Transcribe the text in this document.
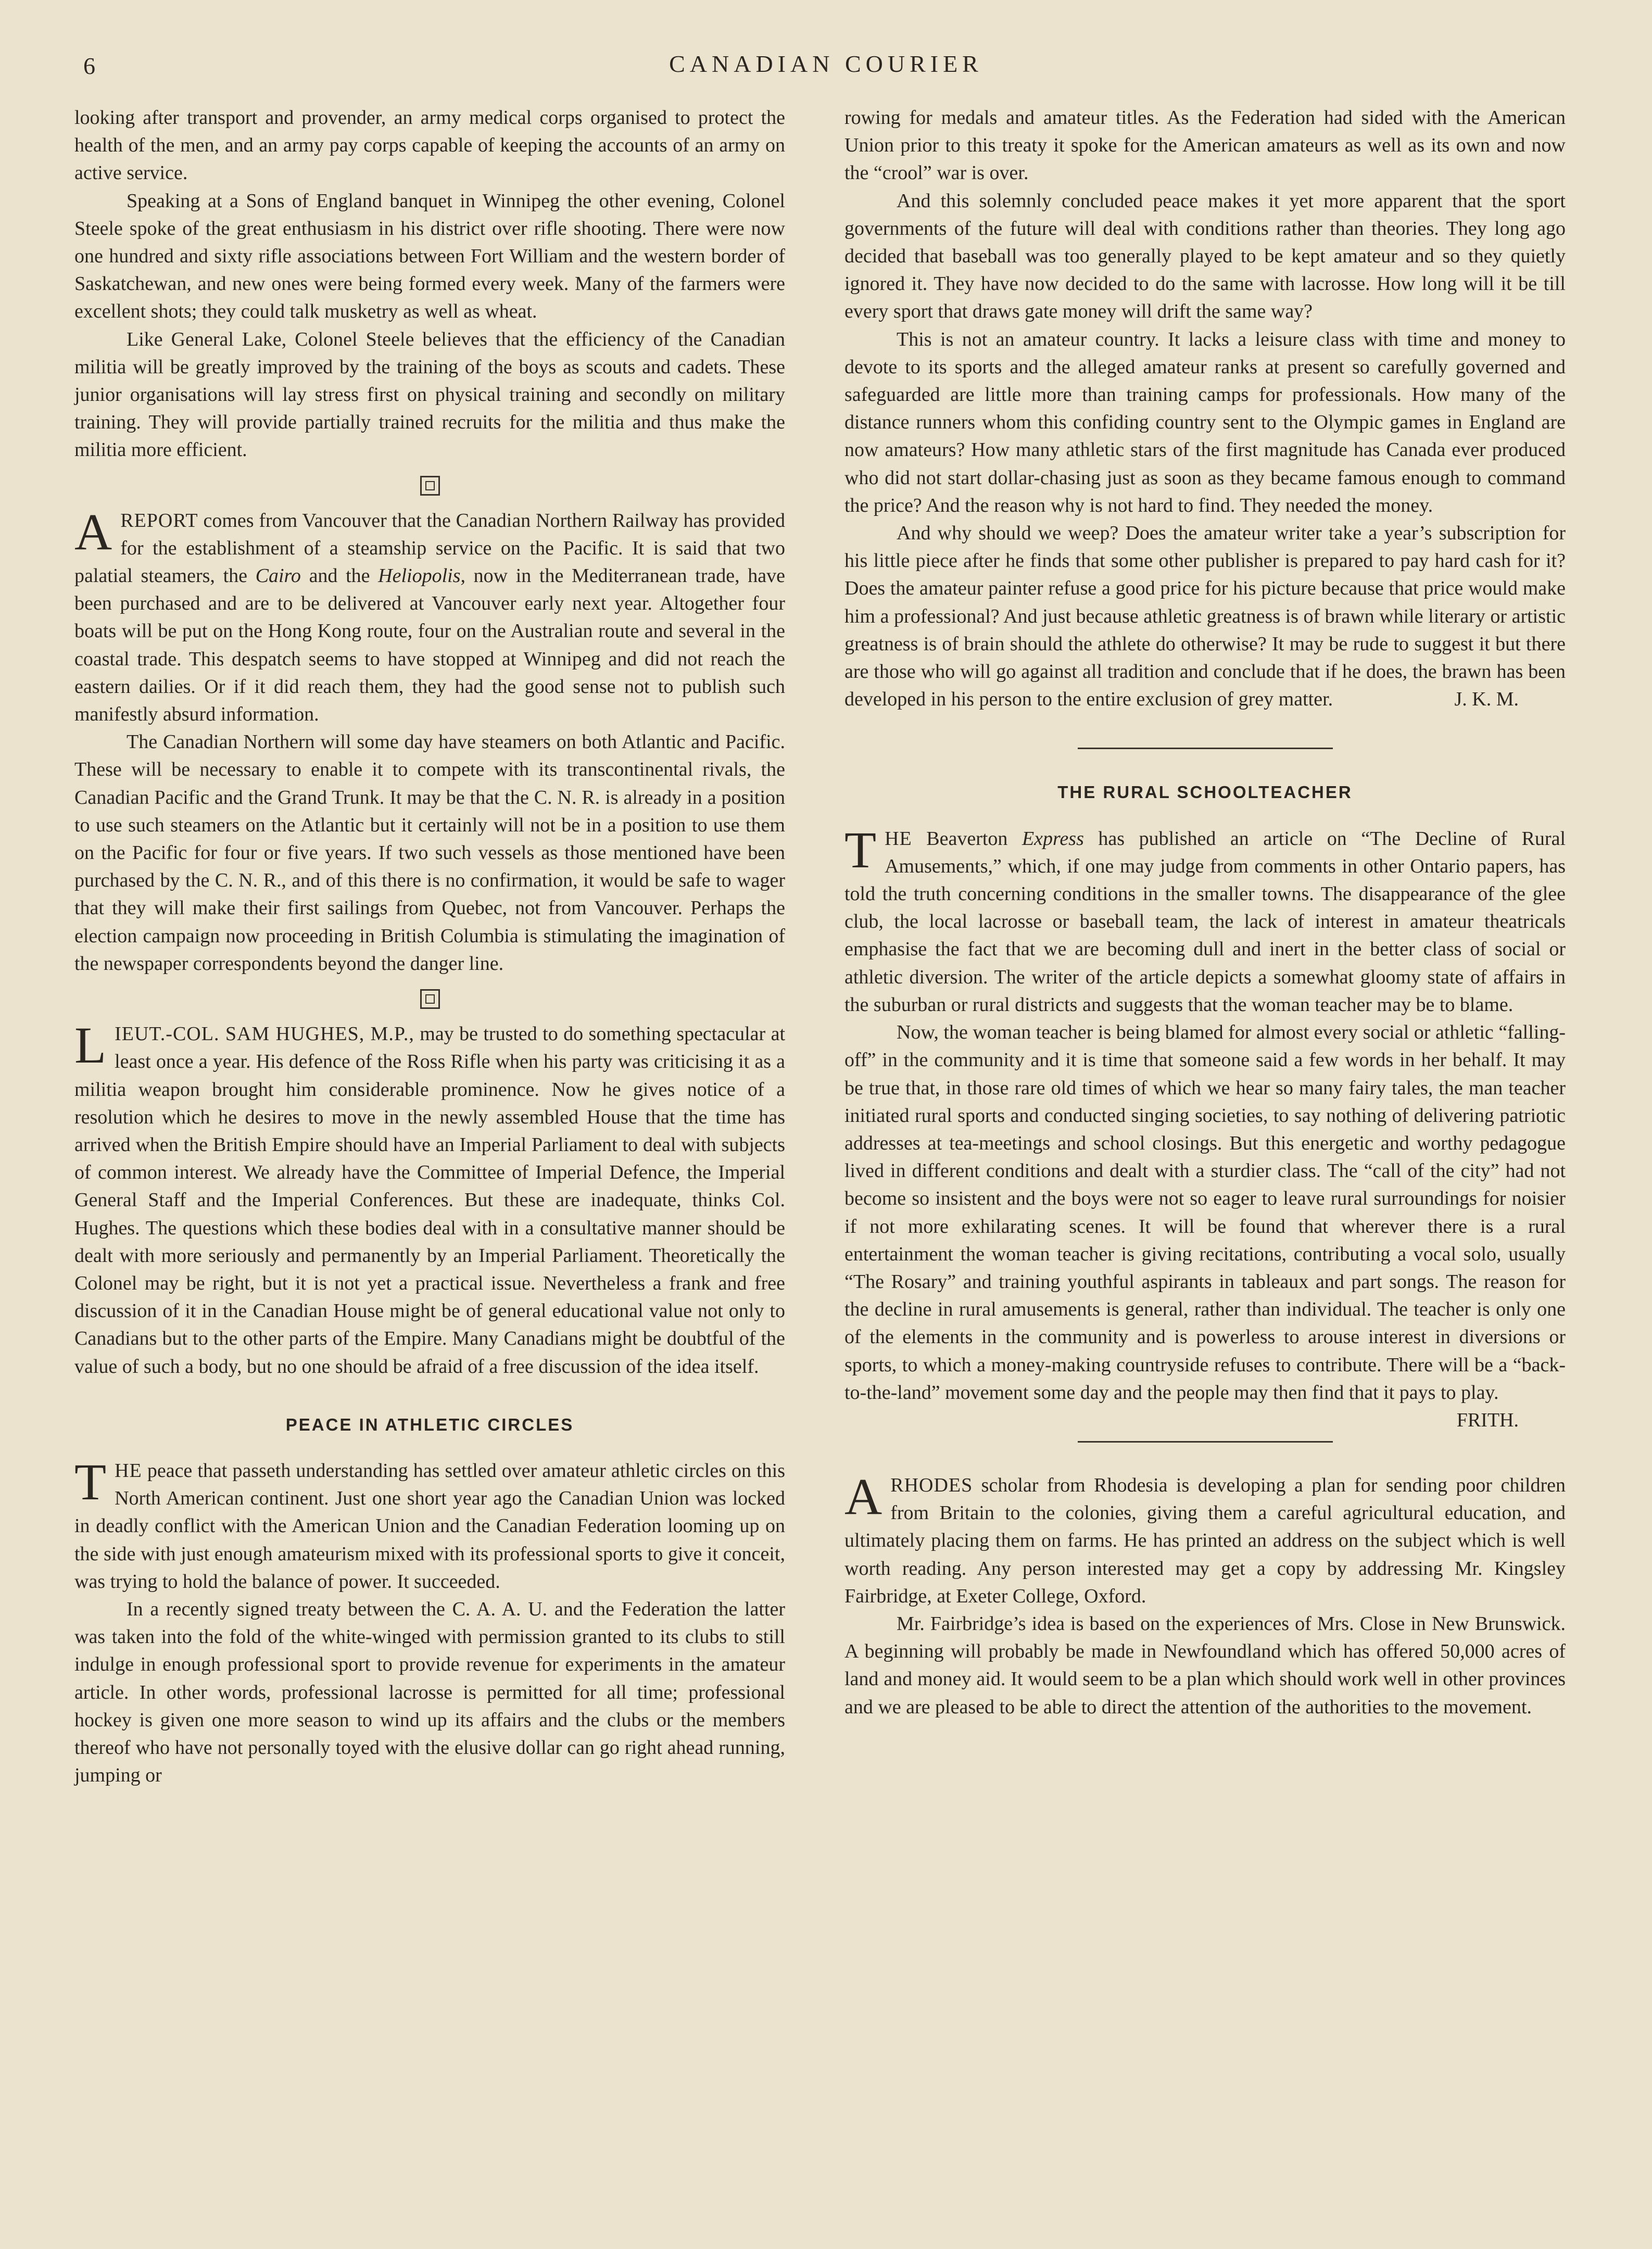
6	CANADIAN COURIER

looking after transport and provender, an army medical corps organised to protect the health of the men, and an army pay corps capable of keeping the accounts of an army on active service.

Speaking at a Sons of England banquet in Winnipeg the other evening, Colonel Steele spoke of the great enthusiasm in his district over rifle shooting. There were now one hundred and sixty rifle associations between Fort William and the western border of Saskatchewan, and new ones were being formed every week. Many of the farmers were excellent shots; they could talk musketry as well as wheat.

Like General Lake, Colonel Steele believes that the efficiency of the Canadian militia will be greatly improved by the training of the boys as scouts and cadets. These junior organisations will lay stress first on physical training and secondly on military training. They will provide partially trained recruits for the militia and thus make the militia more efficient.

AREPORT comes from Vancouver that the Canadian Northern Railway has provided for the establishment of a steamship service on the Pacific. It is said that two palatial steamers, the Cairo and the Heliopolis, now in the Mediterranean trade, have been purchased and are to be delivered at Vancouver early next year. Altogether four boats will be put on the Hong Kong route, four on the Australian route and several in the coastal trade. This despatch seems to have stopped at Winnipeg and did not reach the eastern dailies. Or if it did reach them, they had the good sense not to publish such manifestly absurd information.

The Canadian Northern will some day have steamers on both Atlantic and Pacific. These will be necessary to enable it to compete with its transcontinental rivals, the Canadian Pacific and the Grand Trunk. It may be that the C. N. R. is already in a position to use such steamers on the Atlantic but it certainly will not be in a position to use them on the Pacific for four or five years. If two such vessels as those mentioned have been purchased by the C. N. R., and of this there is no confirmation, it would be safe to wager that they will make their first sailings from Quebec, not from Vancouver. Perhaps the election campaign now proceeding in British Columbia is stimulating the imagination of the newspaper correspondents beyond the danger line.

LIEUT.-COL. SAM HUGHES, M.P., may be trusted to do something spectacular at least once a year. His defence of the Ross Rifle when his party was criticising it as a militia weapon brought him considerable prominence. Now he gives notice of a resolution which he desires to move in the newly assembled House that the time has arrived when the British Empire should have an Imperial Parliament to deal with subjects of common interest. We already have the Committee of Imperial Defence, the Imperial General Staff and the Imperial Conferences. But these are inadequate, thinks Col. Hughes. The questions which these bodies deal with in a consultative manner should be dealt with more seriously and permanently by an Imperial Parliament. Theoretically the Colonel may be right, but it is not yet a practical issue. Nevertheless a frank and free discussion of it in the Canadian House might be of general educational value not only to Canadians but to the other parts of the Empire. Many Canadians might be doubtful of the value of such a body, but no one should be afraid of a free discussion of the idea itself.

PEACE IN ATHLETIC CIRCLES

THE peace that passeth understanding has settled over amateur athletic circles on this North American continent. Just one short year ago the Canadian Union was locked in deadly conflict with the American Union and the Canadian Federation looming up on the side with just enough amateurism mixed with its professional sports to give it conceit, was trying to hold the balance of power. It succeeded.

In a recently signed treaty between the C. A. A. U. and the Federation the latter was taken into the fold of the white-winged with permission granted to its clubs to still indulge in enough professional sport to provide revenue for experiments in the amateur article. In other words, professional lacrosse is permitted for all time; professional hockey is given one more season to wind up its affairs and the clubs or the members thereof who have not personally toyed with the elusive dollar can go right ahead running, jumping or

rowing for medals and amateur titles. As the Federation had sided with the American Union prior to this treaty it spoke for the American amateurs as well as its own and now the “crool” war is over.

And this solemnly concluded peace makes it yet more apparent that the sport governments of the future will deal with conditions rather than theories. They long ago decided that baseball was too generally played to be kept amateur and so they quietly ignored it. They have now decided to do the same with lacrosse. How long will it be till every sport that draws gate money will drift the same way?

This is not an amateur country. It lacks a leisure class with time and money to devote to its sports and the alleged amateur ranks at present so carefully governed and safeguarded are little more than training camps for professionals. How many of the distance runners whom this confiding country sent to the Olympic games in England are now amateurs? How many athletic stars of the first magnitude has Canada ever produced who did not start dollar-chasing just as soon as they became famous enough to command the price? And the reason why is not hard to find. They needed the money.

And why should we weep? Does the amateur writer take a year’s subscription for his little piece after he finds that some other publisher is prepared to pay hard cash for it? Does the amateur painter refuse a good price for his picture because that price would make him a professional? And just because athletic greatness is of brawn while literary or artistic greatness is of brain should the athlete do otherwise? It may be rude to suggest it but there are those who will go against all tradition and conclude that if he does, the brawn has been developed in his person to the entire exclusion of grey matter.	J. K. M.

THE RURAL SCHOOLTEACHER

THE Beaverton Express has published an article on “The Decline of Rural Amusements,” which, if one may judge from comments in other Ontario papers, has told the truth concerning conditions in the smaller towns. The disappearance of the glee club, the local lacrosse or baseball team, the lack of interest in amateur theatricals emphasise the fact that we are becoming dull and inert in the better class of social or athletic diversion. The writer of the article depicts a somewhat gloomy state of affairs in the suburban or rural districts and suggests that the woman teacher may be to blame.

Now, the woman teacher is being blamed for almost every social or athletic “falling-off” in the community and it is time that someone said a few words in her behalf. It may be true that, in those rare old times of which we hear so many fairy tales, the man teacher initiated rural sports and conducted singing societies, to say nothing of delivering patriotic addresses at tea-meetings and school closings. But this energetic and worthy pedagogue lived in different conditions and dealt with a sturdier class. The “call of the city” had not become so insistent and the boys were not so eager to leave rural surroundings for noisier if not more exhilarating scenes. It will be found that wherever there is a rural entertainment the woman teacher is giving recitations, contributing a vocal solo, usually “The Rosary” and training youthful aspirants in tableaux and part songs. The reason for the decline in rural amusements is general, rather than individual. The teacher is only one of the elements in the community and is powerless to arouse interest in diversions or sports, to which a money-making countryside refuses to contribute. There will be a “back-to-the-land” movement some day and the people may then find that it pays to play.
FRITH.

ARHODES scholar from Rhodesia is developing a plan for sending poor children from Britain to the colonies, giving them a careful agricultural education, and ultimately placing them on farms. He has printed an address on the subject which is well worth reading. Any person interested may get a copy by addressing Mr. Kingsley Fairbridge, at Exeter College, Oxford.

Mr. Fairbridge’s idea is based on the experiences of Mrs. Close in New Brunswick. A beginning will probably be made in Newfoundland which has offered 50,000 acres of land and money aid. It would seem to be a plan which should work well in other provinces and we are pleased to be able to direct the attention of the authorities to the movement.
